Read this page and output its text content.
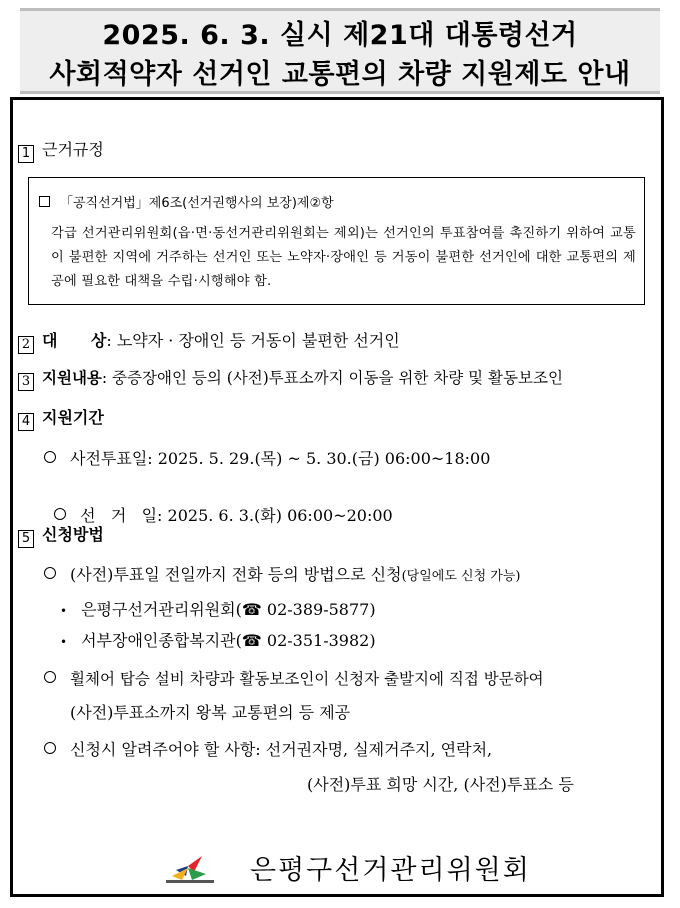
2025. 6. 3. 실시 제21대 대통령선거
사회적약자 선거인 교통편의 차량 지원제도 안내
1 근거규정
「공직선거법」제6조(선거권행사의 보장)제②항
각급 선거관리위원회(읍·면·동선거관리위원회는 제외)는 선거인의 투표참여를 촉진하기 위하여 교통이 불편한 지역에 거주하는 선거인 또는 노약자·장애인 등 거동이 불편한 선거인에 대한 교통편의 제공에 필요한 대책을 수립·시행해야 함.
2 대      상: 노약자 · 장애인 등 거동이 불편한 선거인
3 지원내용: 중증장애인 등의 (사전)투표소까지 이동을 위한 차량 및 활동보조인
4 지원기간
사전투표일: 2025. 5. 29.(목) ~ 5. 30.(금) 06:00~18:00

선   거   일: 2025. 6. 3.(화) 06:00~20:00

5 신청방법
(사전)투표일 전일까지 전화 등의 방법으로 신청(당일에도 신청 가능)
• 은평구선거관리위원회(☎ 02-389-5877)
• 서부장애인종합복지관(☎ 02-351-3982)
휠체어 탑승 설비 차량과 활동보조인이 신청자 출발지에 직접 방문하여
(사전)투표소까지 왕복 교통편의 등 제공
신청시 알려주어야 할 사항: 선거권자명, 실제거주지, 연락처,
(사전)투표 희망 시간, (사전)투표소 등
은평구선거관리위원회
